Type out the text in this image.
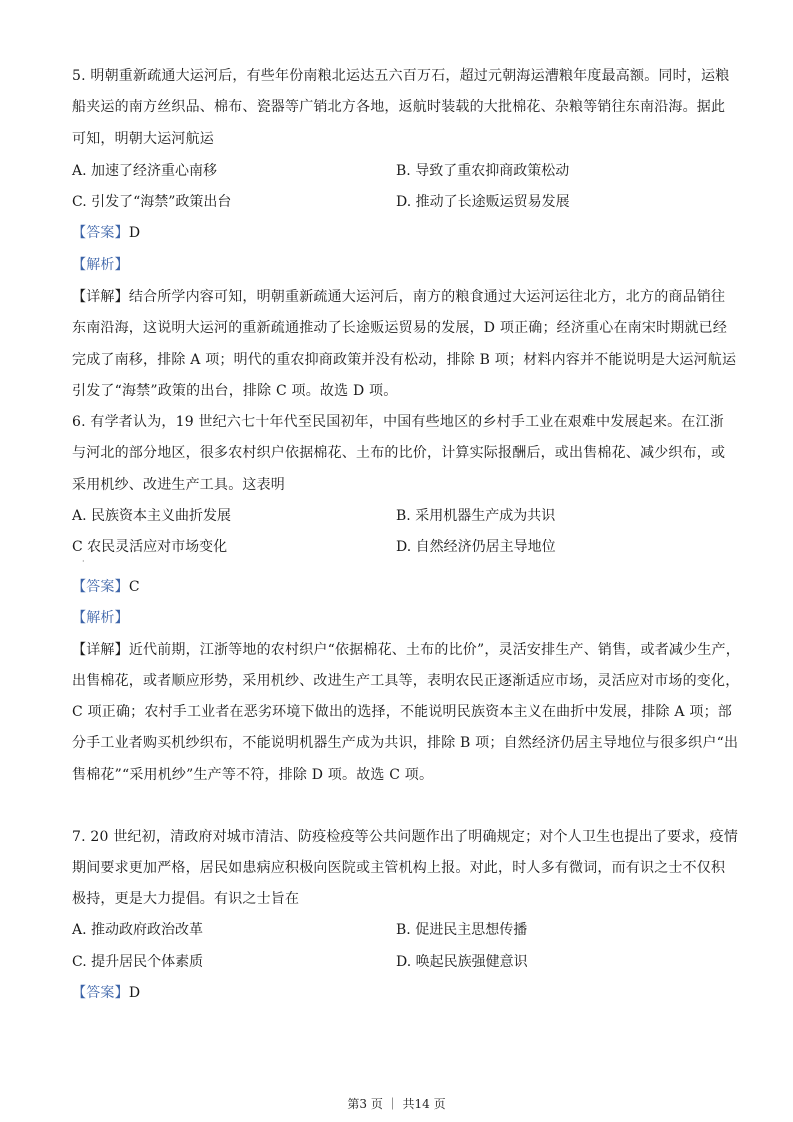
5. 明朝重新疏通大运河后，有些年份南粮北运达五六百万石，超过元朝海运漕粮年度最高额。同时，运粮
船夹运的南方丝织品、棉布、瓷器等广销北方各地，返航时装载的大批棉花、杂粮等销往东南沿海。据此
可知，明朝大运河航运
A. 加速了经济重心南移	B. 导致了重农抑商政策松动
C. 引发了“海禁”政策出台	D. 推动了长途贩运贸易发展
【答案】D
【解析】
【详解】结合所学内容可知，明朝重新疏通大运河后，南方的粮食通过大运河运往北方，北方的商品销往
东南沿海，这说明大运河的重新疏通推动了长途贩运贸易的发展，D 项正确；经济重心在南宋时期就已经
完成了南移，排除 A 项；明代的重农抑商政策并没有松动，排除 B 项；材料内容并不能说明是大运河航运
引发了“海禁”政策的出台，排除 C 项。故选 D 项。
6. 有学者认为，19 世纪六七十年代至民国初年，中国有些地区的乡村手工业在艰难中发展起来。在江浙
与河北的部分地区，很多农村织户依据棉花、土布的比价，计算实际报酬后，或出售棉花、减少织布，或
采用机纱、改进生产工具。这表明
A. 民族资本主义曲折发展	B. 采用机器生产成为共识
C 农民灵活应对市场变化	D. 自然经济仍居主导地位
·
【答案】C
【解析】
【详解】近代前期，江浙等地的农村织户“依据棉花、土布的比价”，灵活安排生产、销售，或者减少生产，
出售棉花，或者顺应形势，采用机纱、改进生产工具等，表明农民正逐渐适应市场，灵活应对市场的变化，
C 项正确；农村手工业者在恶劣环境下做出的选择，不能说明民族资本主义在曲折中发展，排除 A 项；部
分手工业者购买机纱织布，不能说明机器生产成为共识，排除 B 项；自然经济仍居主导地位与很多织户“出
售棉花”“采用机纱”生产等不符，排除 D 项。故选 C 项。
7. 20 世纪初，清政府对城市清洁、防疫检疫等公共问题作出了明确规定；对个人卫生也提出了要求，疫情
期间要求更加严格，居民如患病应积极向医院或主管机构上报。对此，时人多有微词，而有识之士不仅积
极持，更是大力提倡。有识之士旨在
A. 推动政府政治改革	B. 促进民主思想传播
C. 提升居民个体素质	D. 唤起民族强健意识
【答案】D
第3 页 ｜ 共14 页
